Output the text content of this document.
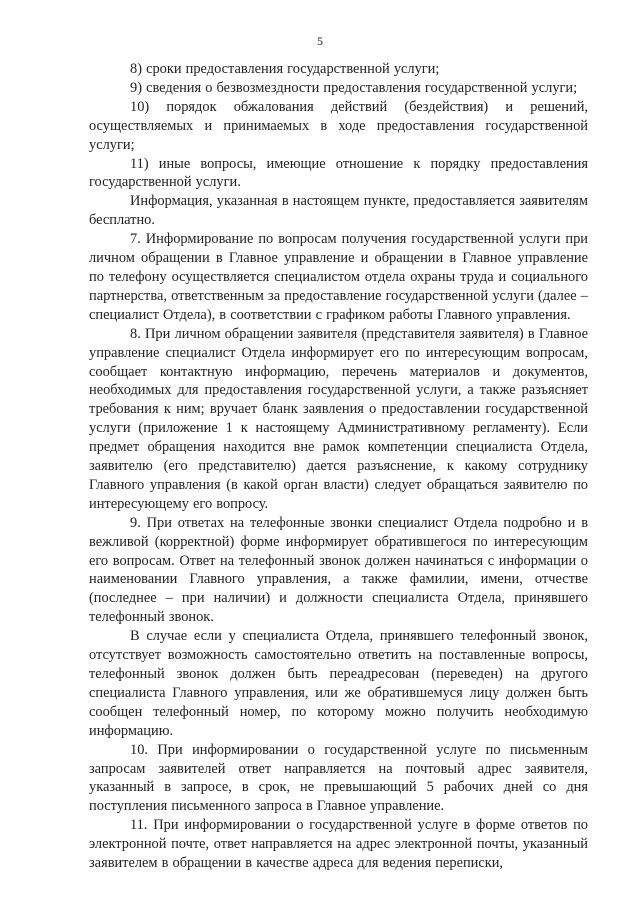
5

8) сроки предоставления государственной услуги;

9) сведения о безвозмездности предоставления государственной услуги;

10) порядок обжалования действий (бездействия) и решений, осуществляемых и принимаемых в ходе предоставления государственной услуги;

11) иные вопросы, имеющие отношение к порядку предоставления государственной услуги.

Информация, указанная в настоящем пункте, предоставляется заявителям бесплатно.

7. Информирование по вопросам получения государственной услуги при личном обращении в Главное управление и обращении в Главное управление по телефону осуществляется специалистом отдела охраны труда и социального партнерства, ответственным за предоставление государственной услуги (далее – специалист Отдела), в соответствии с графиком работы Главного управления.

8. При личном обращении заявителя (представителя заявителя) в Главное управление специалист Отдела информирует его по интересующим вопросам, сообщает контактную информацию, перечень материалов и документов, необходимых для предоставления государственной услуги, а также разъясняет требования к ним; вручает бланк заявления о предоставлении государственной услуги (приложение 1 к настоящему Административному регламенту). Если предмет обращения находится вне рамок компетенции специалиста Отдела, заявителю (его представителю) дается разъяснение, к какому сотруднику Главного управления (в какой орган власти) следует обращаться заявителю по интересующему его вопросу.

9. При ответах на телефонные звонки специалист Отдела подробно и в вежливой (корректной) форме информирует обратившегося по интересующим его вопросам. Ответ на телефонный звонок должен начинаться с информации о наименовании Главного управления, а также фамилии, имени, отчестве (последнее – при наличии) и должности специалиста Отдела, принявшего телефонный звонок.

В случае если у специалиста Отдела, принявшего телефонный звонок, отсутствует возможность самостоятельно ответить на поставленные вопросы, телефонный звонок должен быть переадресован (переведен) на другого специалиста Главного управления, или же обратившемуся лицу должен быть сообщен телефонный номер, по которому можно получить необходимую информацию.

10. При информировании о государственной услуге по письменным запросам заявителей ответ направляется на почтовый адрес заявителя, указанный в запросе, в срок, не превышающий 5 рабочих дней со дня поступления письменного запроса в Главное управление.

11. При информировании о государственной услуге в форме ответов по электронной почте, ответ направляется на адрес электронной почты, указанный заявителем в обращении в качестве адреса для ведения переписки,
